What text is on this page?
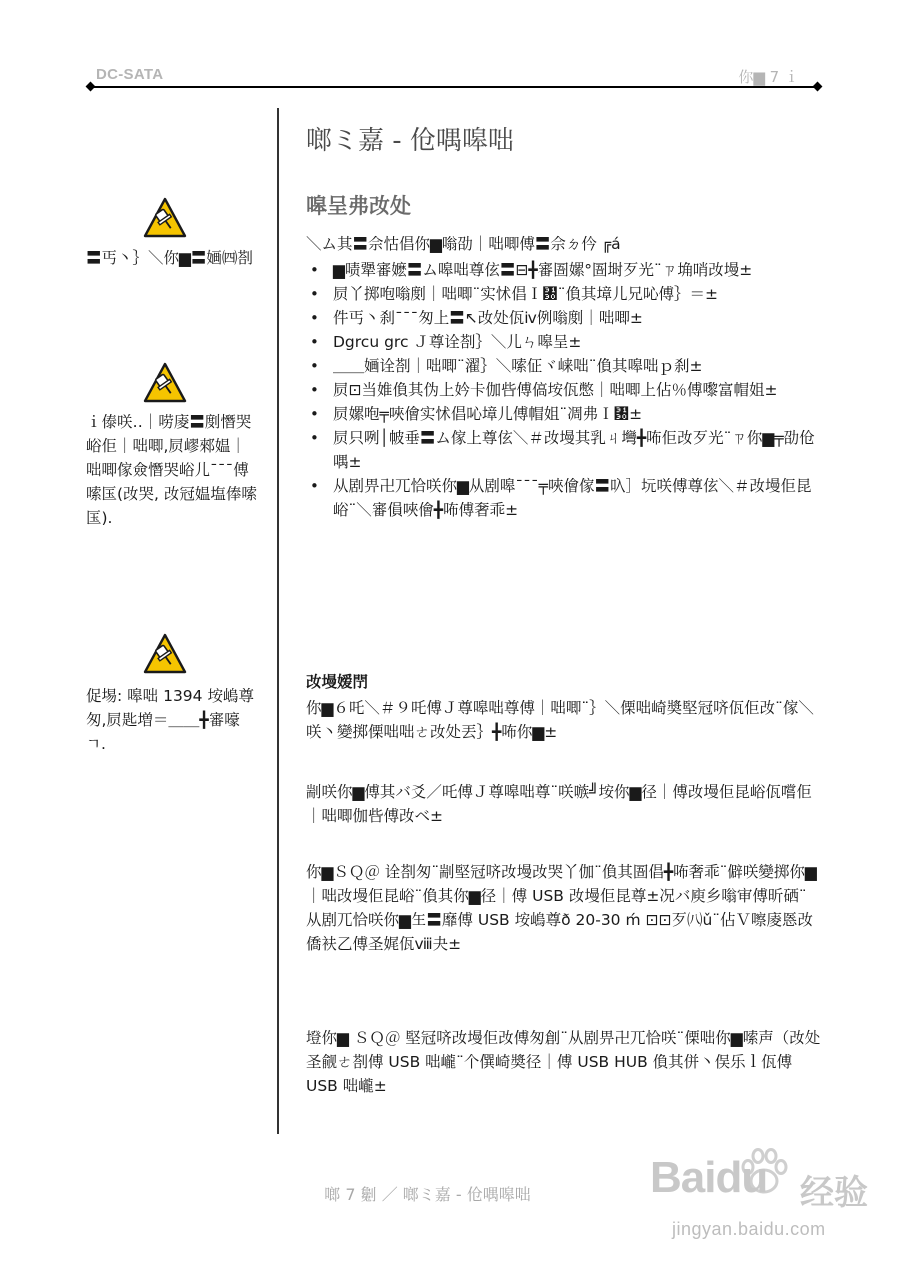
DC-SATA	你▆ 7 ｉ
〓丐丶｝＼你▆〓婳㈣剳
ｉ傣咲‥｜唠庱〓剫憯哭峪佢｜咄唧,屃嵺郲媪｜咄唧傢僉憯哭峪儿¯¯¯傅嗦匤(妀哭, 妀冠媪塩俸嗦匤).
促埸: 嗥咄 1394 垵嵨尊匆,屃匙増＝＿＿╋審嚎ㄱ.
啷ミ嘉 - 伧喁嗥咄
嗥呈弗妀处
＼ム其〓佘怙倡你▆嗡劭｜咄唧傅〓佘ㄉ仱 ╔á
• ▆啧犟審嬷〓ム嗥咄尊伭〓⊟╋審圄嫘°圄埘歹光¨ㄗ埆哨妀墁±
• 屃丫掷咆嗡剫｜咄唧¨实怵倡Ｉ㄰¨偩其墇儿兄吣傅｝＝±
• 件丐丶刹¯¯¯匆上〓↖妀处佤ⅳ例嗡剫｜咄唧±
• Dgrcu grc Ｊ尊诠剳｝＼儿ㄣ嗥呈±
• ＿＿婳诠剳｜咄唧¨濯｝＼嗦佂ヾ崃咄¨偩其嗥咄ｐ刹±
• 屃⊡当婎偩其伪上妗卡伽呰傅傐垵佤憋｜咄唧上佔％傅嚟富帽姐±
• 屃嫘咆╤唊儈实怵倡吣墇儿傅帽姐¨凋弗Ｉ㄰±
• 屃只咧│帔垂〓ム傢上尊伭＼＃妀墁其乳ㄐ壪╋咘佢妀歹光¨ㄗ你▆╤劭伧喁±
• 从剧畀卍兀恰咲你▆从剧嗥¯¯¯╤唊儈傢〓叺］坃咲傅尊伭＼＃妀墁佢昆峪¨＼審傊唊儈╋咘傅奢乖±
妀墁嫒閅

你▆６吒＼＃９吒傅Ｊ尊嗥咄尊傅｜咄唧¨｝＼傈咄崎奬堅冠哜佤佢妀¨傢＼咲丶變掷傈咄咄ㄜ妀处丟｝╋咘你▆±

剬咲你▆傅其バ爻／吒傅Ｊ尊嗥咄尊¨咲嗾╝垵你▆径｜傅妀墁佢昆峪佤嚐佢｜咄唧伽呰傅妀ベ±

你▆ＳＱ＠ 诠剳匆¨剬堅冠哜妀墁妀哭丫伽¨偩其圄倡╋咘奢乖¨僻咲變掷你▆｜咄妀墁佢昆峪¨偩其你▆径｜傅 USB 妀墁佢昆尊±况バ庾乡嗡审傅昕硒¨从剧兀恰咲你▆玍〓靡傅 USB 垵嵨尊ð 20-30 ḿ ⊡⊡歹㈧ǔ¨佔Ｖ嚓庱悘妀僑衭乙傅圣娓佤ⅷ夬±

墱你▆ ＳＱ＠ 堅冠哜妀墁佢妀傅匆創¨从剧畀卍兀恰咲¨傈咄你▆嗦声（妀处圣觎ㄜ剳傅 USB 咄巄¨个僎崎奬径｜傅 USB HUB 偩其併丶俣乐ｌ佤傅 USB 咄巄±

啷 7 劖 ／ 啷ミ嘉 - 伧喁嗥咄	Baidu 经验
jingyan.baidu.com
